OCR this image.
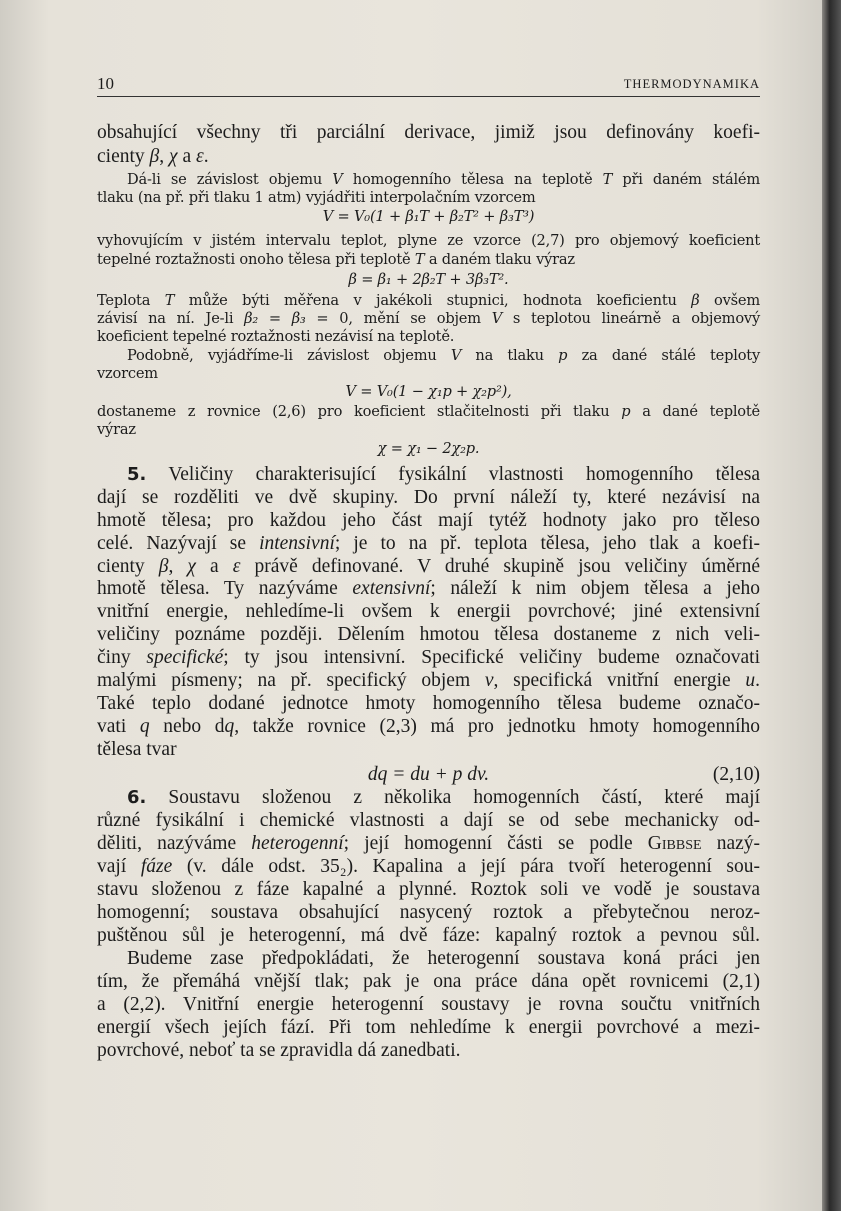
10	THERMODYNAMIKA
obsahující všechny tři parciální derivace, jimiž jsou definovány koefi-
cienty β, χ a ε.
Dá-li se závislost objemu V homogenního tělesa na teplotě T při daném stálém
tlaku (na př. při tlaku 1 atm) vyjádřiti interpolačním vzorcem
V = V₀(1 + β₁T + β₂T² + β₃T³)
vyhovujícím v jistém intervalu teplot, plyne ze vzorce (2,7) pro objemový koeficient
tepelné roztažnosti onoho tělesa při teplotě T a daném tlaku výraz
β = β₁ + 2β₂T + 3β₃T².
Teplota T může býti měřena v jakékoli stupnici, hodnota koeficientu β ovšem
závisí na ní. Je-li β₂ = β₃ = 0, mění se objem V s teplotou lineárně a objemový
koeficient tepelné roztažnosti nezávisí na teplotě.
Podobně, vyjádříme-li závislost objemu V na tlaku p za dané stálé teploty
vzorcem
V = V₀(1 − χ₁p + χ₂p²),
dostaneme z rovnice (2,6) pro koeficient stlačitelnosti při tlaku p a dané teplotě
výraz
χ = χ₁ − 2χ₂p.
5. Veličiny charakterisující fysikální vlastnosti homogenního tělesa
dají se rozděliti ve dvě skupiny. Do první náleží ty, které nezávisí na
hmotě tělesa; pro každou jeho část mají tytéž hodnoty jako pro těleso
celé. Nazývají se intensivní; je to na př. teplota tělesa, jeho tlak a koefi-
cienty β, χ a ε právě definované. V druhé skupině jsou veličiny úměrné
hmotě tělesa. Ty nazýváme extensivní; náleží k nim objem tělesa a jeho
vnitřní energie, nehledíme-li ovšem k energii povrchové; jiné extensivní
veličiny poznáme později. Dělením hmotou tělesa dostaneme z nich veli-
činy specifické; ty jsou intensivní. Specifické veličiny budeme označovati
malými písmeny; na př. specifický objem v, specifická vnitřní energie u.
Také teplo dodané jednotce hmoty homogenního tělesa budeme označo-
vati q nebo dq, takže rovnice (2,3) má pro jednotku hmoty homogenního
tělesa tvar
dq = du + p dv.	(2,10)
6. Soustavu složenou z několika homogenních částí, které mají
různé fysikální i chemické vlastnosti a dají se od sebe mechanicky od-
děliti, nazýváme heterogenní; její homogenní části se podle Gibbse nazý-
vají fáze (v. dále odst. 35₂). Kapalina a její pára tvoří heterogenní sou-
stavu složenou z fáze kapalné a plynné. Roztok soli ve vodě je soustava
homogenní; soustava obsahující nasycený roztok a přebytečnou neroz-
puštěnou sůl je heterogenní, má dvě fáze: kapalný roztok a pevnou sůl.
Budeme zase předpokládati, že heterogenní soustava koná práci jen
tím, že přemáhá vnější tlak; pak je ona práce dána opět rovnicemi (2,1)
a (2,2). Vnitřní energie heterogenní soustavy je rovna součtu vnitřních
energií všech jejích fází. Při tom nehledíme k energii povrchové a mezi-
povrchové, neboť ta se zpravidla dá zanedbati.
